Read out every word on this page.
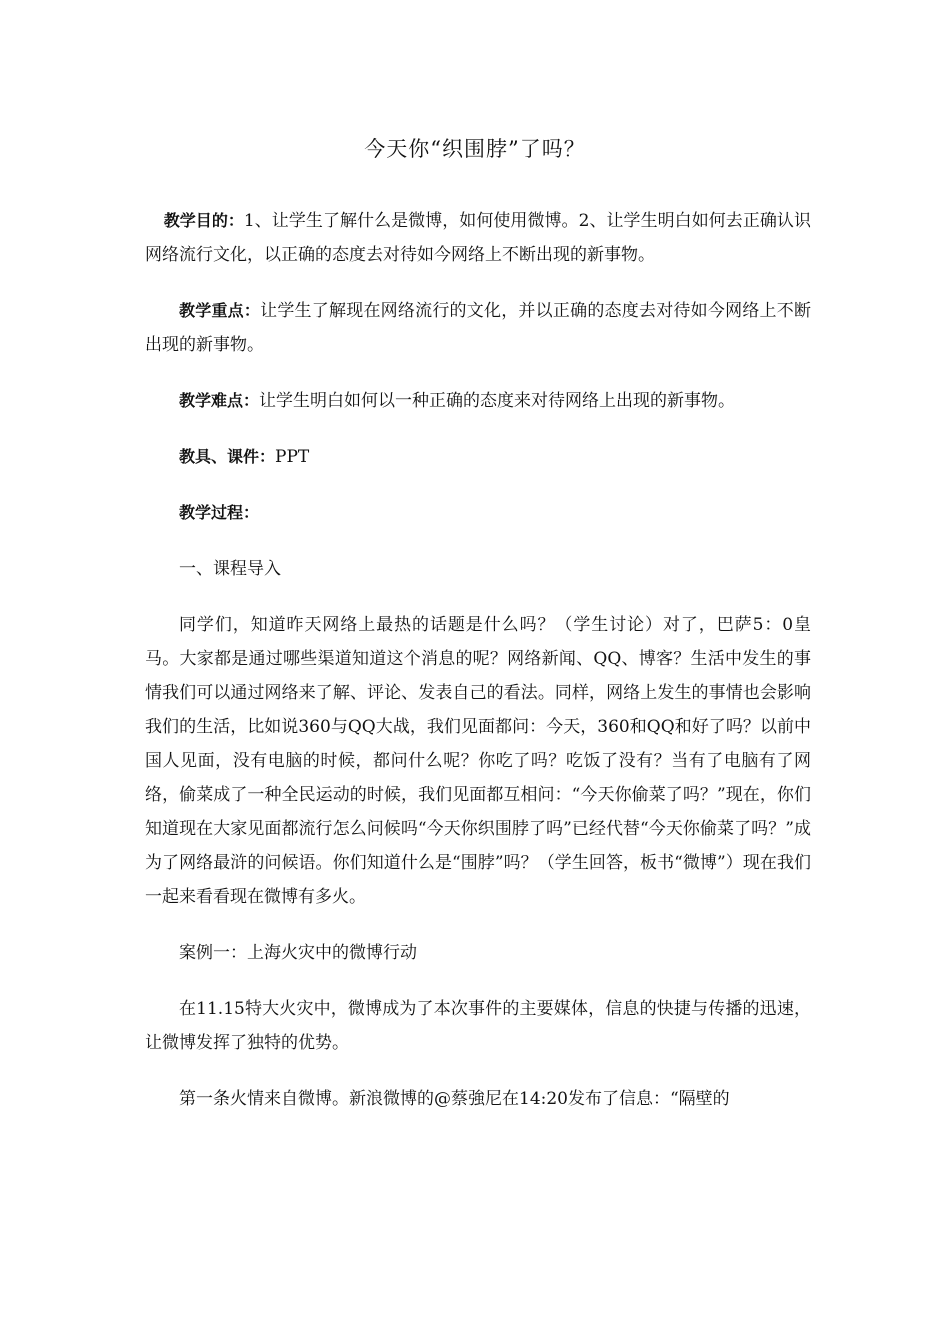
今天你“织围脖”了吗？

教学目的：1、让学生了解什么是微博，如何使用微博。2、让学生明白如何去正确认识网络流行文化，以正确的态度去对待如今网络上不断出现的新事物。

教学重点：让学生了解现在网络流行的文化，并以正确的态度去对待如今网络上不断出现的新事物。

教学难点：让学生明白如何以一种正确的态度来对待网络上出现的新事物。

教具、课件：PPT

教学过程：

一、课程导入

同学们，知道昨天网络上最热的话题是什么吗？（学生讨论）对了，巴萨5：0皇马。大家都是通过哪些渠道知道这个消息的呢？网络新闻、QQ、博客？生活中发生的事情我们可以通过网络来了解、评论、发表自己的看法。同样，网络上发生的事情也会影响我们的生活，比如说360与QQ大战，我们见面都问：今天，360和QQ和好了吗？以前中国人见面，没有电脑的时候，都问什么呢？你吃了吗？吃饭了没有？当有了电脑有了网络，偷菜成了一种全民运动的时候，我们见面都互相问：“今天你偷菜了吗？”现在，你们知道现在大家见面都流行怎么问候吗“今天你织围脖了吗”已经代替“今天你偷菜了吗？”成为了网络最浒的问候语。你们知道什么是“围脖”吗？（学生回答，板书“微博”）现在我们一起来看看现在微博有多火。

案例一：上海火灾中的微博行动

在11.15特大火灾中，微博成为了本次事件的主要媒体，信息的快捷与传播的迅速，让微博发挥了独特的优势。

第一条火情来自微博。新浪微博的@蔡強尼在14:20发布了信息：“隔壁的
